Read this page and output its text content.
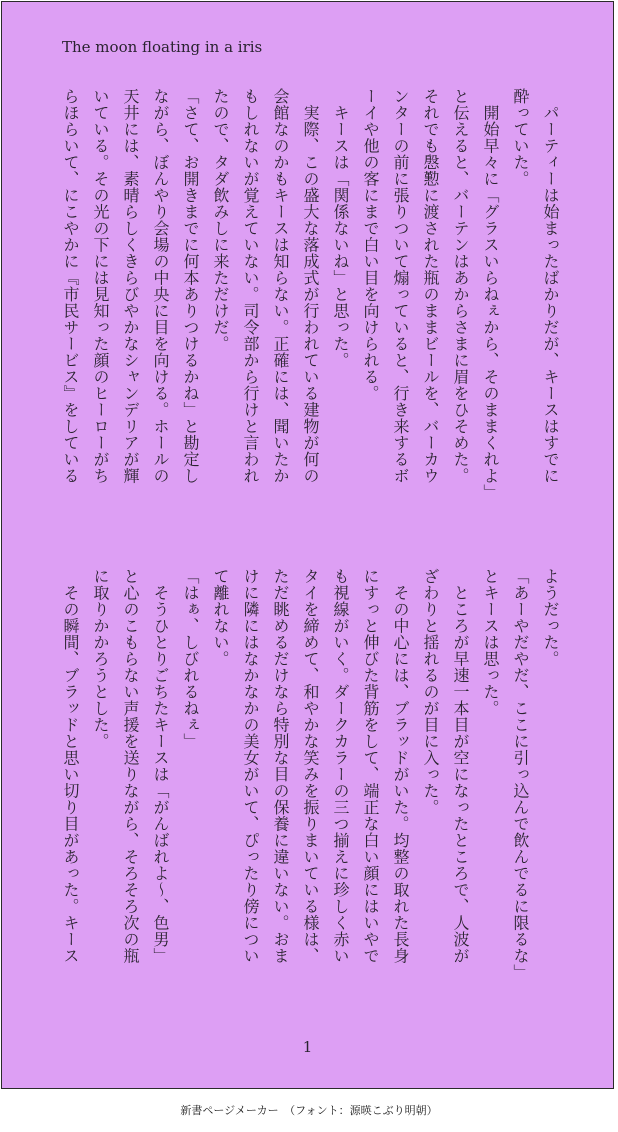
The moon floating in a iris

　パーティーは始まったばかりだが、キースはすでに
酔っていた。

　開始早々に「グラスいらねぇから、そのままくれよ」
と伝えると、バーテンはあからさまに眉をひそめた。
それでも慇懃に渡された瓶のままビールを、バーカウ
ンターの前に張りついて煽っていると、行き来するボ
ーイや他の客にまで白い目を向けられる。

　キースは「関係ないね」と思った。

　実際、この盛大な落成式が行われている建物が何の
会館なのかもキースは知らない。正確には、聞いたか
もしれないが覚えていない。司令部から行けと言われ
たので、タダ飲みしに来ただけだ。

「さて、お開きまでに何本ありつけるかね」と勘定し
ながら、ぼんやり会場の中央に目を向ける。ホールの
天井には、素晴らしくきらびやかなシャンデリアが輝
いている。その光の下には見知った顔のヒーローがち
らほらいて、にこやかに『市民サービス』をしている

ようだった。

「あーやだやだ、ここに引っ込んで飲んでるに限るな」
とキースは思った。

　ところが早速一本目が空になったところで、人波が
ざわりと揺れるのが目に入った。

　その中心には、ブラッドがいた。均整の取れた長身
にすっと伸びた背筋をして、端正な白い顔にはいやで
も視線がいく。ダークカラーの三つ揃えに珍しく赤い
タイを締めて、和やかな笑みを振りまいている様は、
ただ眺めるだけなら特別な目の保養に違いない。おま
けに隣にはなかなかの美女がいて、ぴったり傍につい
て離れない。

「はぁ、しびれるねぇ」

　そうひとりごちたキースは「がんばれよ〜、色男」
と心のこもらない声援を送りながら、そろそろ次の瓶
に取りかかろうとした。

　その瞬間、ブラッドと思い切り目があった。キース

1
新書ページメーカー　（フォント：源暎こぶり明朝）
